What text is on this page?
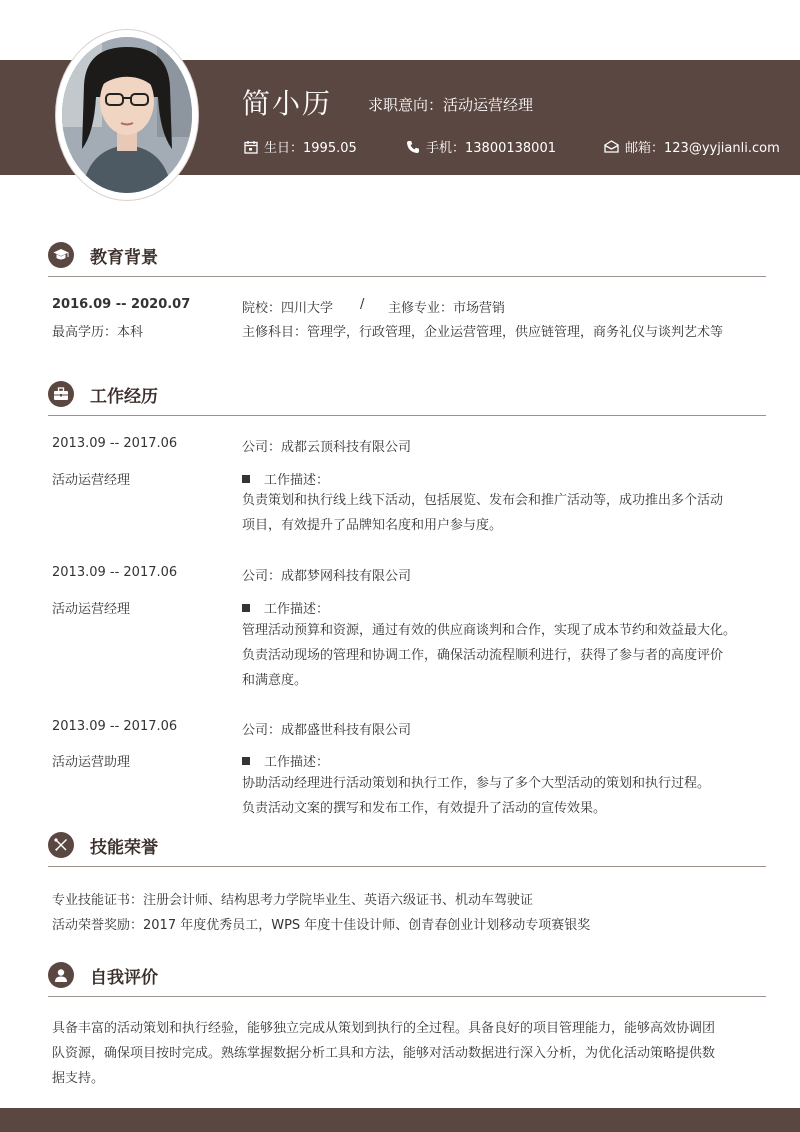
简小历 求职意向：活动运营经理
生日：1995.05	手机：13800138001	邮箱：123@yyjianli.com
教育背景
2016.09 -- 2020.07
最高学历：本科
院校：四川大学 / 主修专业：市场营销
主修科目：管理学，行政管理，企业运营管理，供应链管理，商务礼仪与谈判艺术等
工作经历
2013.09 -- 2017.06
活动运营经理
公司：成都云顶科技有限公司
工作描述：
负责策划和执行线上线下活动，包括展览、发布会和推广活动等，成功推出多个活动
项目，有效提升了品牌知名度和用户参与度。
2013.09 -- 2017.06
活动运营经理
公司：成都梦网科技有限公司
工作描述：
管理活动预算和资源，通过有效的供应商谈判和合作，实现了成本节约和效益最大化。
负责活动现场的管理和协调工作，确保活动流程顺利进行，获得了参与者的高度评价
和满意度。
2013.09 -- 2017.06
活动运营助理
公司：成都盛世科技有限公司
工作描述：
协助活动经理进行活动策划和执行工作，参与了多个大型活动的策划和执行过程。
负责活动文案的撰写和发布工作，有效提升了活动的宣传效果。
技能荣誉
专业技能证书：注册会计师、结构思考力学院毕业生、英语六级证书、机动车驾驶证
活动荣誉奖励：2017 年度优秀员工，WPS 年度十佳设计师、创青春创业计划移动专项赛银奖
自我评价
具备丰富的活动策划和执行经验，能够独立完成从策划到执行的全过程。具备良好的项目管理能力，能够高效协调团
队资源，确保项目按时完成。熟练掌握数据分析工具和方法，能够对活动数据进行深入分析，为优化活动策略提供数
据支持。
